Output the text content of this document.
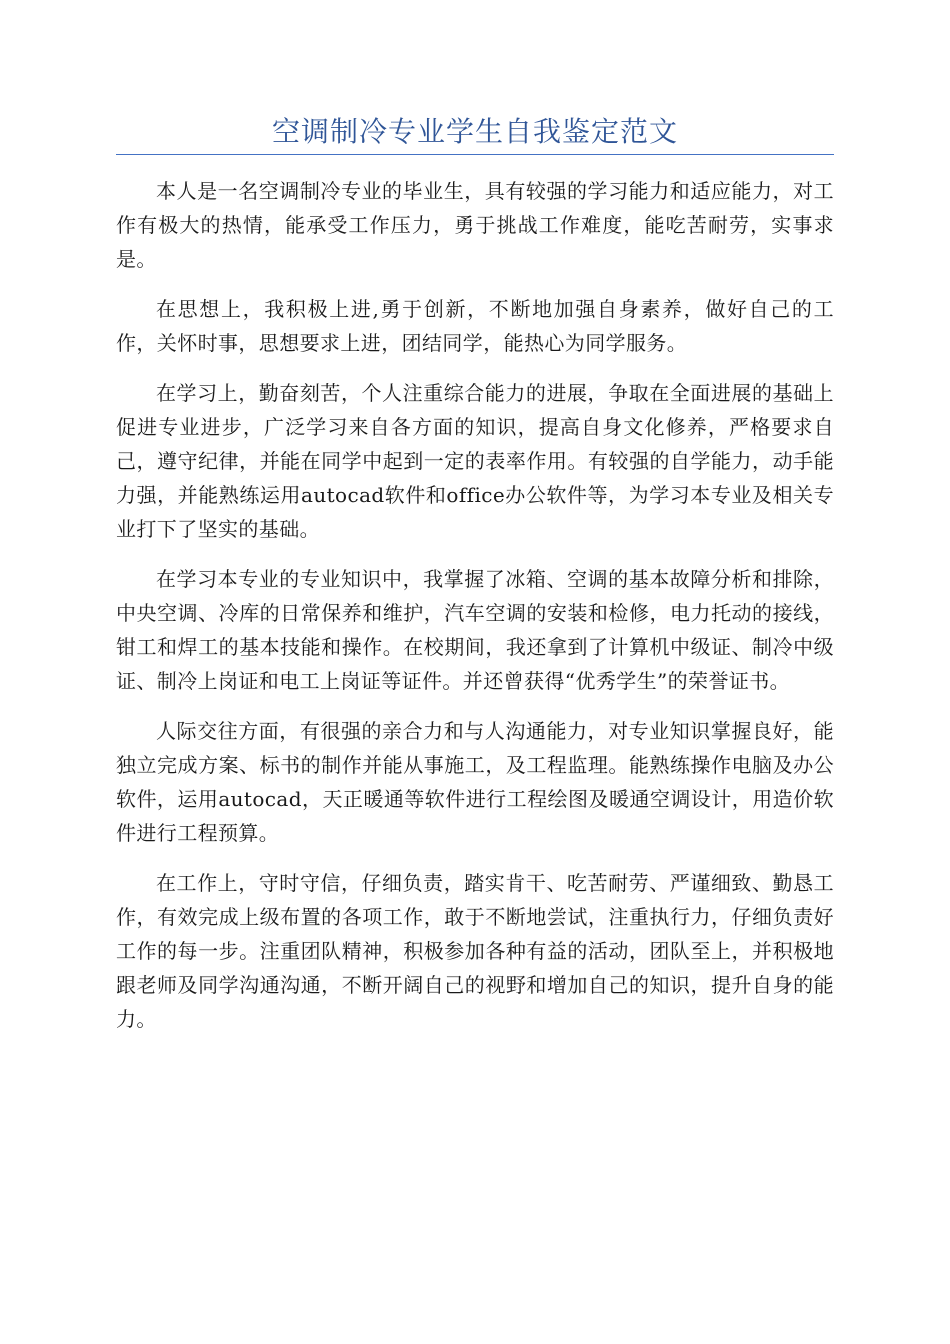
空调制冷专业学生自我鉴定范文

本人是一名空调制冷专业的毕业生，具有较强的学习能力和适应能力，对工作有极大的热情，能承受工作压力，勇于挑战工作难度，能吃苦耐劳，实事求是。

在思想上，我积极上进,勇于创新，不断地加强自身素养，做好自己的工作，关怀时事，思想要求上进，团结同学，能热心为同学服务。

在学习上，勤奋刻苦，个人注重综合能力的进展，争取在全面进展的基础上促进专业进步，广泛学习来自各方面的知识，提高自身文化修养，严格要求自己，遵守纪律，并能在同学中起到一定的表率作用。有较强的自学能力，动手能力强，并能熟练运用autocad软件和office办公软件等，为学习本专业及相关专业打下了坚实的基础。

在学习本专业的专业知识中，我掌握了冰箱、空调的基本故障分析和排除，中央空调、冷库的日常保养和维护，汽车空调的安装和检修，电力托动的接线，钳工和焊工的基本技能和操作。在校期间，我还拿到了计算机中级证、制冷中级证、制冷上岗证和电工上岗证等证件。并还曾获得“优秀学生”的荣誉证书。

人际交往方面，有很强的亲合力和与人沟通能力，对专业知识掌握良好，能独立完成方案、标书的制作并能从事施工，及工程监理。能熟练操作电脑及办公软件，运用autocad，天正暖通等软件进行工程绘图及暖通空调设计，用造价软件进行工程预算。

在工作上，守时守信，仔细负责，踏实肯干、吃苦耐劳、严谨细致、勤恳工作，有效完成上级布置的各项工作，敢于不断地尝试，注重执行力，仔细负责好工作的每一步。注重团队精神，积极参加各种有益的活动，团队至上，并积极地跟老师及同学沟通沟通，不断开阔自己的视野和增加自己的知识，提升自身的能力。
